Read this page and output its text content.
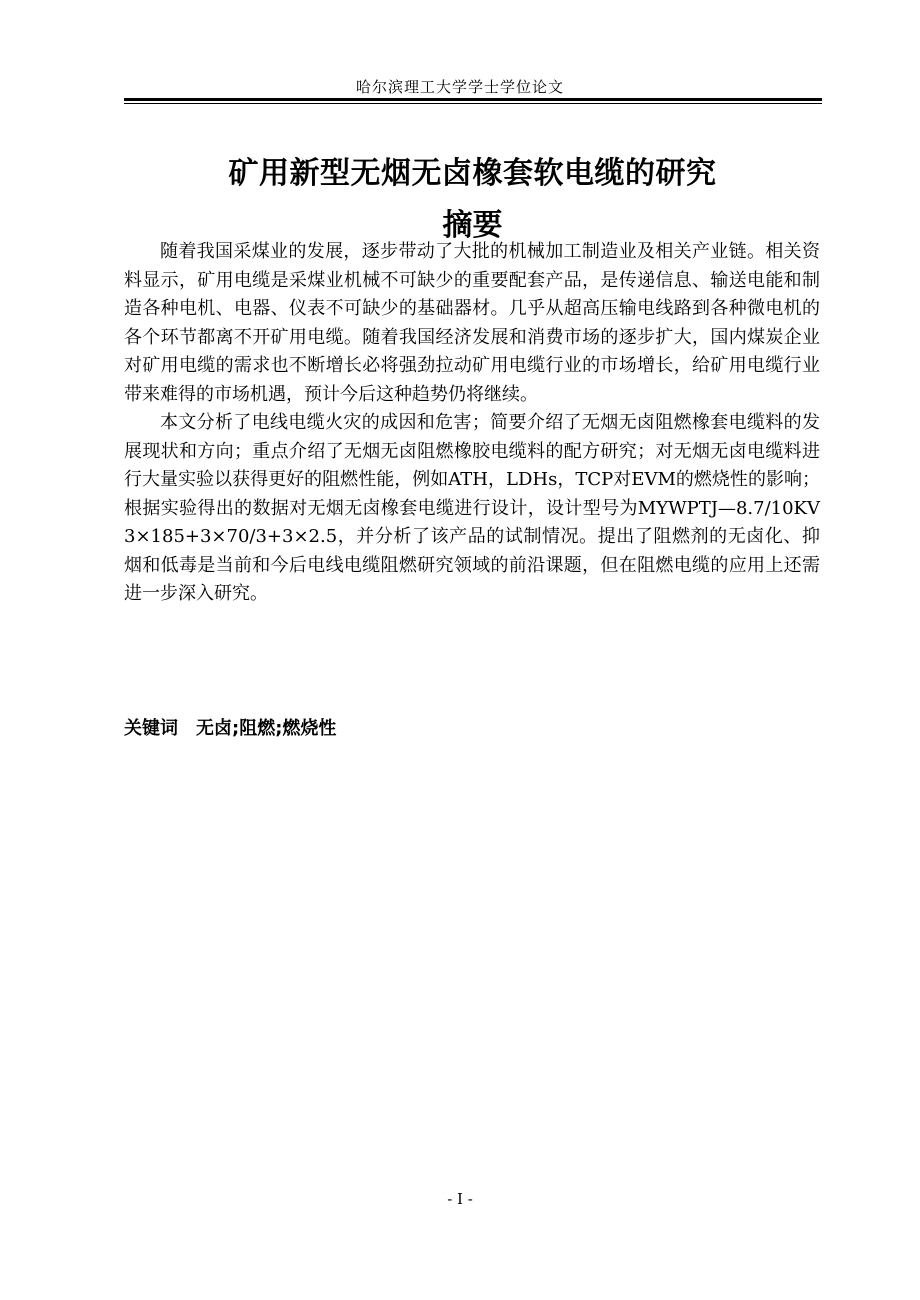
哈尔滨理工大学学士学位论文
矿用新型无烟无卤橡套软电缆的研究
摘要

随着我国采煤业的发展，逐步带动了大批的机械加工制造业及相关产业链。相关资料显示，矿用电缆是采煤业机械不可缺少的重要配套产品，是传递信息、输送电能和制造各种电机、电器、仪表不可缺少的基础器材。几乎从超高压输电线路到各种微电机的各个环节都离不开矿用电缆。随着我国经济发展和消费市场的逐步扩大，国内煤炭企业对矿用电缆的需求也不断增长必将强劲拉动矿用电缆行业的市场增长，给矿用电缆行业带来难得的市场机遇，预计今后这种趋势仍将继续。

本文分析了电线电缆火灾的成因和危害；简要介绍了无烟无卤阻燃橡套电缆料的发展现状和方向；重点介绍了无烟无卤阻燃橡胶电缆料的配方研究；对无烟无卤电缆料进行大量实验以获得更好的阻燃性能，例如ATH，LDHs，TCP对EVM的燃烧性的影响；根据实验得出的数据对无烟无卤橡套电缆进行设计，设计型号为MYWPTJ—8.7/10KV 3×185+3×70/3+3×2.5，并分析了该产品的试制情况。提出了阻燃剂的无卤化、抑烟和低毒是当前和今后电线电缆阻燃研究领域的前沿课题，但在阻燃电缆的应用上还需进一步深入研究。

关键词 无卤;阻燃;燃烧性
- I -
